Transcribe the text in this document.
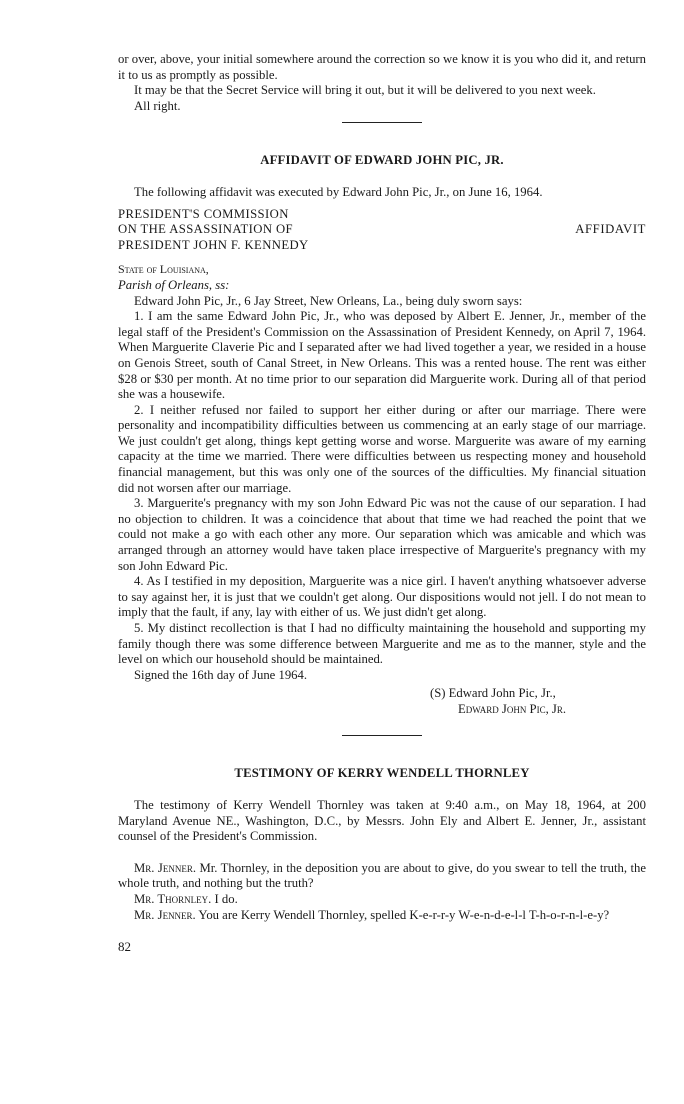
or over, above, your initial somewhere around the correction so we know it is you who did it, and return it to us as promptly as possible.

It may be that the Secret Service will bring it out, but it will be delivered to you next week.

All right.

AFFIDAVIT OF EDWARD JOHN PIC, JR.

The following affidavit was executed by Edward John Pic, Jr., on June 16, 1964.

PRESIDENT'S COMMISSION
ON THE ASSASSINATION OF
PRESIDENT JOHN F. KENNEDY
AFFIDAVIT
State of Louisiana,
Parish of Orleans, ss:

Edward John Pic, Jr., 6 Jay Street, New Orleans, La., being duly sworn says:

1. I am the same Edward John Pic, Jr., who was deposed by Albert E. Jenner, Jr., member of the legal staff of the President's Commission on the Assassination of President Kennedy, on April 7, 1964. When Marguerite Claverie Pic and I separated after we had lived together a year, we resided in a house on Genois Street, south of Canal Street, in New Orleans. This was a rented house. The rent was either $28 or $30 per month. At no time prior to our separation did Marguerite work. During all of that period she was a housewife.

2. I neither refused nor failed to support her either during or after our marriage. There were personality and incompatibility difficulties between us commencing at an early stage of our marriage. We just couldn't get along, things kept getting worse and worse. Marguerite was aware of my earning capacity at the time we married. There were difficulties between us respecting money and household financial management, but this was only one of the sources of the difficulties. My financial situation did not worsen after our marriage.

3. Marguerite's pregnancy with my son John Edward Pic was not the cause of our separation. I had no objection to children. It was a coincidence that about that time we had reached the point that we could not make a go with each other any more. Our separation which was amicable and which was arranged through an attorney would have taken place irrespective of Marguerite's pregnancy with my son John Edward Pic.

4. As I testified in my deposition, Marguerite was a nice girl. I haven't anything whatsoever adverse to say against her, it is just that we couldn't get along. Our dispositions would not jell. I do not mean to imply that the fault, if any, lay with either of us. We just didn't get along.

5. My distinct recollection is that I had no difficulty maintaining the household and supporting my family though there was some difference between Marguerite and me as to the manner, style and the level on which our household should be maintained.

Signed the 16th day of June 1964.

(S) Edward John Pic, Jr.,
Edward John Pic, Jr.
TESTIMONY OF KERRY WENDELL THORNLEY

The testimony of Kerry Wendell Thornley was taken at 9:40 a.m., on May 18, 1964, at 200 Maryland Avenue NE., Washington, D.C., by Messrs. John Ely and Albert E. Jenner, Jr., assistant counsel of the President's Commission.

Mr. Jenner. Mr. Thornley, in the deposition you are about to give, do you swear to tell the truth, the whole truth, and nothing but the truth?

Mr. Thornley. I do.

Mr. Jenner. You are Kerry Wendell Thornley, spelled K-e-r-r-y W-e-n-d-e-l-l T-h-o-r-n-l-e-y?

82
